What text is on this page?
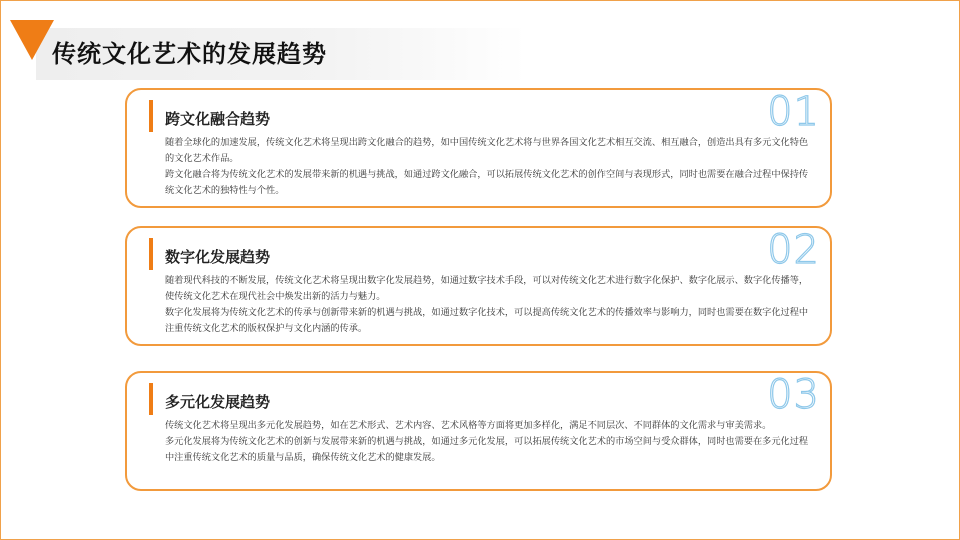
传统文化艺术的发展趋势
跨文化融合趋势	01

随着全球化的加速发展，传统文化艺术将呈现出跨文化融合的趋势，如中国传统文化艺术将与世界各国文化艺术相互交流、相互融合，创造出具有多元文化特色的文化艺术作品。

跨文化融合将为传统文化艺术的发展带来新的机遇与挑战，如通过跨文化融合，可以拓展传统文化艺术的创作空间与表现形式，同时也需要在融合过程中保持传统文化艺术的独特性与个性。

数字化发展趋势	02

随着现代科技的不断发展，传统文化艺术将呈现出数字化发展趋势，如通过数字技术手段，可以对传统文化艺术进行数字化保护、数字化展示、数字化传播等，使传统文化艺术在现代社会中焕发出新的活力与魅力。

数字化发展将为传统文化艺术的传承与创新带来新的机遇与挑战，如通过数字化技术，可以提高传统文化艺术的传播效率与影响力，同时也需要在数字化过程中注重传统文化艺术的版权保护与文化内涵的传承。

多元化发展趋势	03

传统文化艺术将呈现出多元化发展趋势，如在艺术形式、艺术内容、艺术风格等方面将更加多样化，满足不同层次、不同群体的文化需求与审美需求。

多元化发展将为传统文化艺术的创新与发展带来新的机遇与挑战，如通过多元化发展，可以拓展传统文化艺术的市场空间与受众群体，同时也需要在多元化过程中注重传统文化艺术的质量与品质，确保传统文化艺术的健康发展。
